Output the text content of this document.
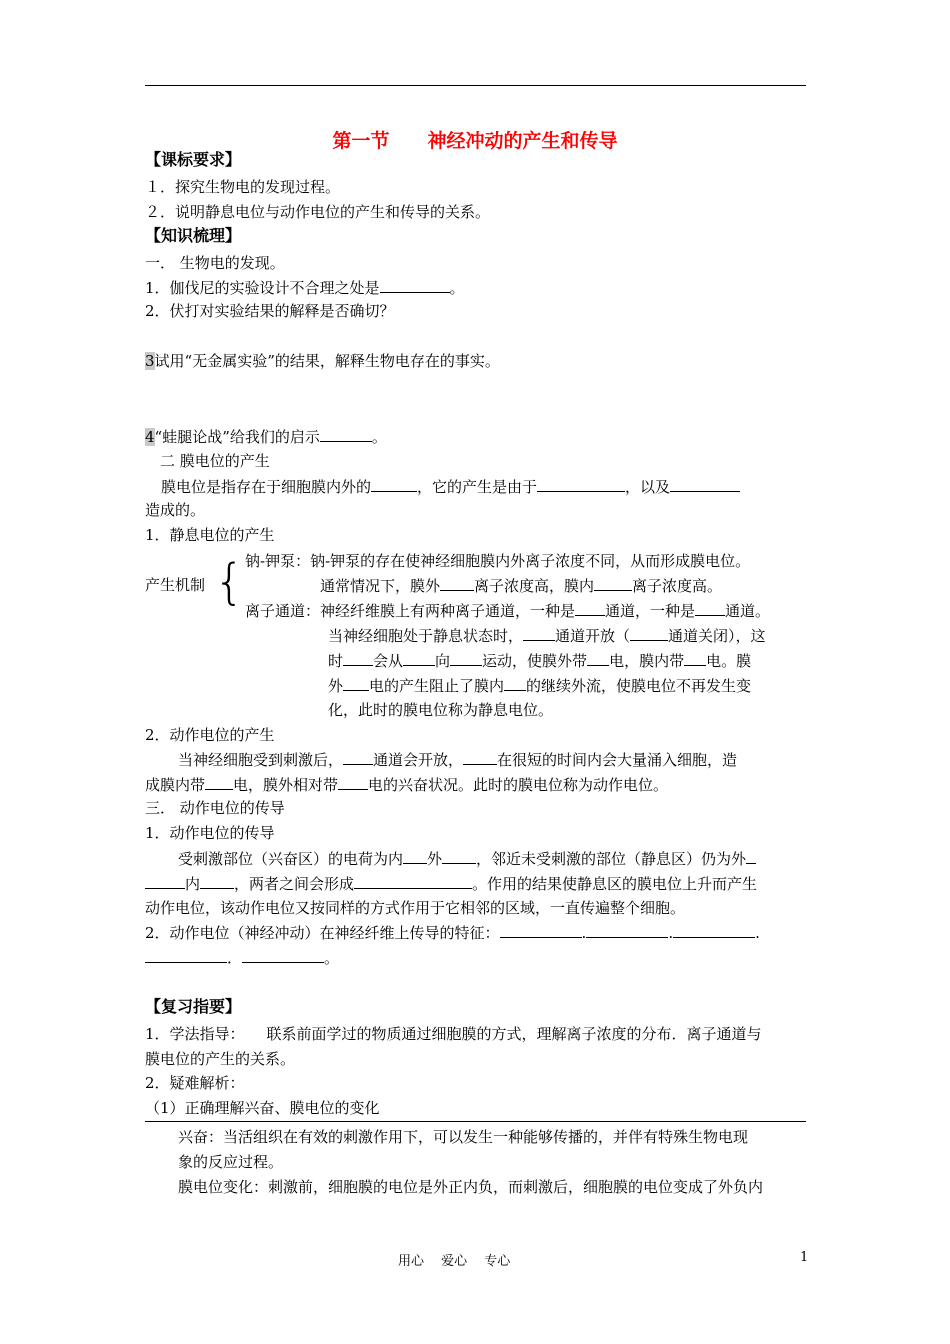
第一节　　神经冲动的产生和传导
【课标要求】
１．探究生物电的发现过程。
２．说明静息电位与动作电位的产生和传导的关系。
【知识梳理】
一． 生物电的发现。
1．伽伐尼的实验设计不合理之处是	。
2．伏打对实验结果的解释是否确切？
3试用“无金属实验”的结果，解释生物电存在的事实。
4“蛙腿论战”给我们的启示	。
二 膜电位的产生
膜电位是指存在于细胞膜内外的	，它的产生是由于	，以及
造成的。
1．静息电位的产生
产生机制 { 钠-钾泵：钠-钾泵的存在使神经细胞膜内外离子浓度不同，从而形成膜电位。
通常情况下，膜外 离子浓度高，膜内	离子浓度高。
离子通道：神经纤维膜上有两种离子通道，一种是 通道，一种是 通道。
当神经细胞处于静息状态时， 通道开放（	通道关闭），这
时 会从 向 运动，使膜外带 电，膜内带 电。膜
外 电的产生阻止了膜内 的继续外流，使膜电位不再发生变
化，此时的膜电位称为静息电位。
2．动作电位的产生
当神经细胞受到刺激后， 通道会开放， 在很短的时间内会大量涌入细胞，造
成膜内带 电，膜外相对带 电的兴奋状况。此时的膜电位称为动作电位。
三． 动作电位的传导
1．动作电位的传导
受刺激部位（兴奋区）的电荷为内 外 ，邻近未受刺激的部位（静息区）仍为外
内 ，两者之间会形成	。作用的结果使静息区的膜电位上升而产生
动作电位，该动作电位又按同样的方式作用于它相邻的区域，一直传遍整个细胞。
2．动作电位（神经冲动）在神经纤维上传导的特征：	.	.	.
．	。
【复习指要】
1．学法指导： 联系前面学过的物质通过细胞膜的方式，理解离子浓度的分布．离子通道与
膜电位的产生的关系。
2．疑难解析：
（1）正确理解兴奋、膜电位的变化
兴奋：当活组织在有效的刺激作用下，可以发生一种能够传播的，并伴有特殊生物电现
象的反应过程。
膜电位变化：刺激前，细胞膜的电位是外正内负，而刺激后，细胞膜的电位变成了外负内
用心　 爱心　 专心	1
